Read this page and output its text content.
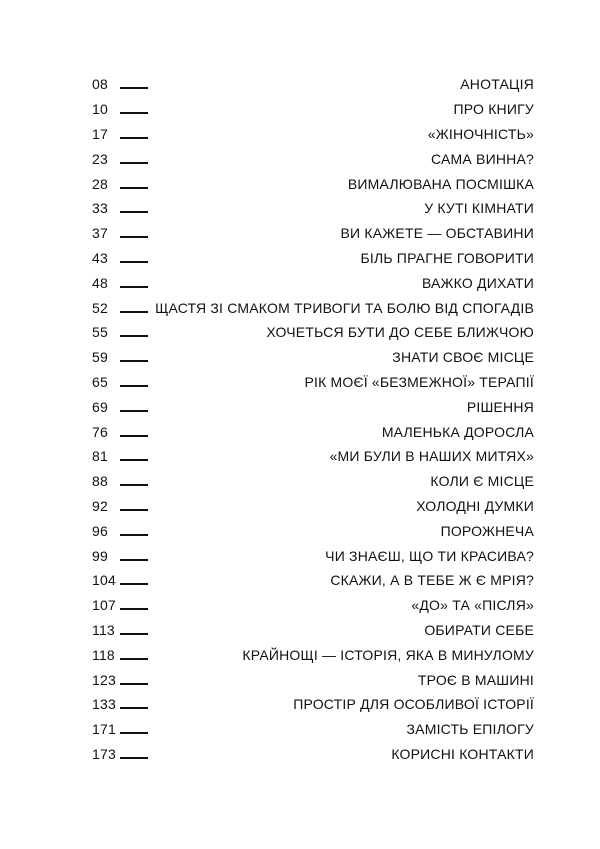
08	АНОТАЦІЯ
10	ПРО КНИГУ
17	«ЖІНОЧНІСТЬ»
23	САМА ВИННА?
28	ВИМАЛЮВАНА ПОСМІШКА
33	У КУТІ КІМНАТИ
37	ВИ КАЖЕТЕ — ОБСТАВИНИ
43	БІЛЬ ПРАГНЕ ГОВОРИТИ
48	ВАЖКО ДИХАТИ
52	ЩАСТЯ ЗІ СМАКОМ ТРИВОГИ ТА БОЛЮ ВІД СПОГАДІВ
55	ХОЧЕТЬСЯ БУТИ ДО СЕБЕ БЛИЖЧОЮ
59	ЗНАТИ СВОЄ МІСЦЕ
65	РІК МОЄЇ «БЕЗМЕЖНОЇ» ТЕРАПІЇ
69	РІШЕННЯ
76	МАЛЕНЬКА ДОРОСЛА
81	«МИ БУЛИ В НАШИХ МИТЯХ»
88	КОЛИ Є МІСЦЕ
92	ХОЛОДНІ ДУМКИ
96	ПОРОЖНЕЧА
99	ЧИ ЗНАЄШ, ЩО ТИ КРАСИВА?
104	СКАЖИ, А В ТЕБЕ Ж Є МРІЯ?
107	«ДО» ТА «ПІСЛЯ»
113	ОБИРАТИ СЕБЕ
118	КРАЙНОЩІ — ІСТОРІЯ, ЯКА В МИНУЛОМУ
123	ТРОЄ В МАШИНІ
133	ПРОСТІР ДЛЯ ОСОБЛИВОЇ ІСТОРІЇ
171	ЗАМІСТЬ ЕПІЛОГУ
173	КОРИСНІ КОНТАКТИ
